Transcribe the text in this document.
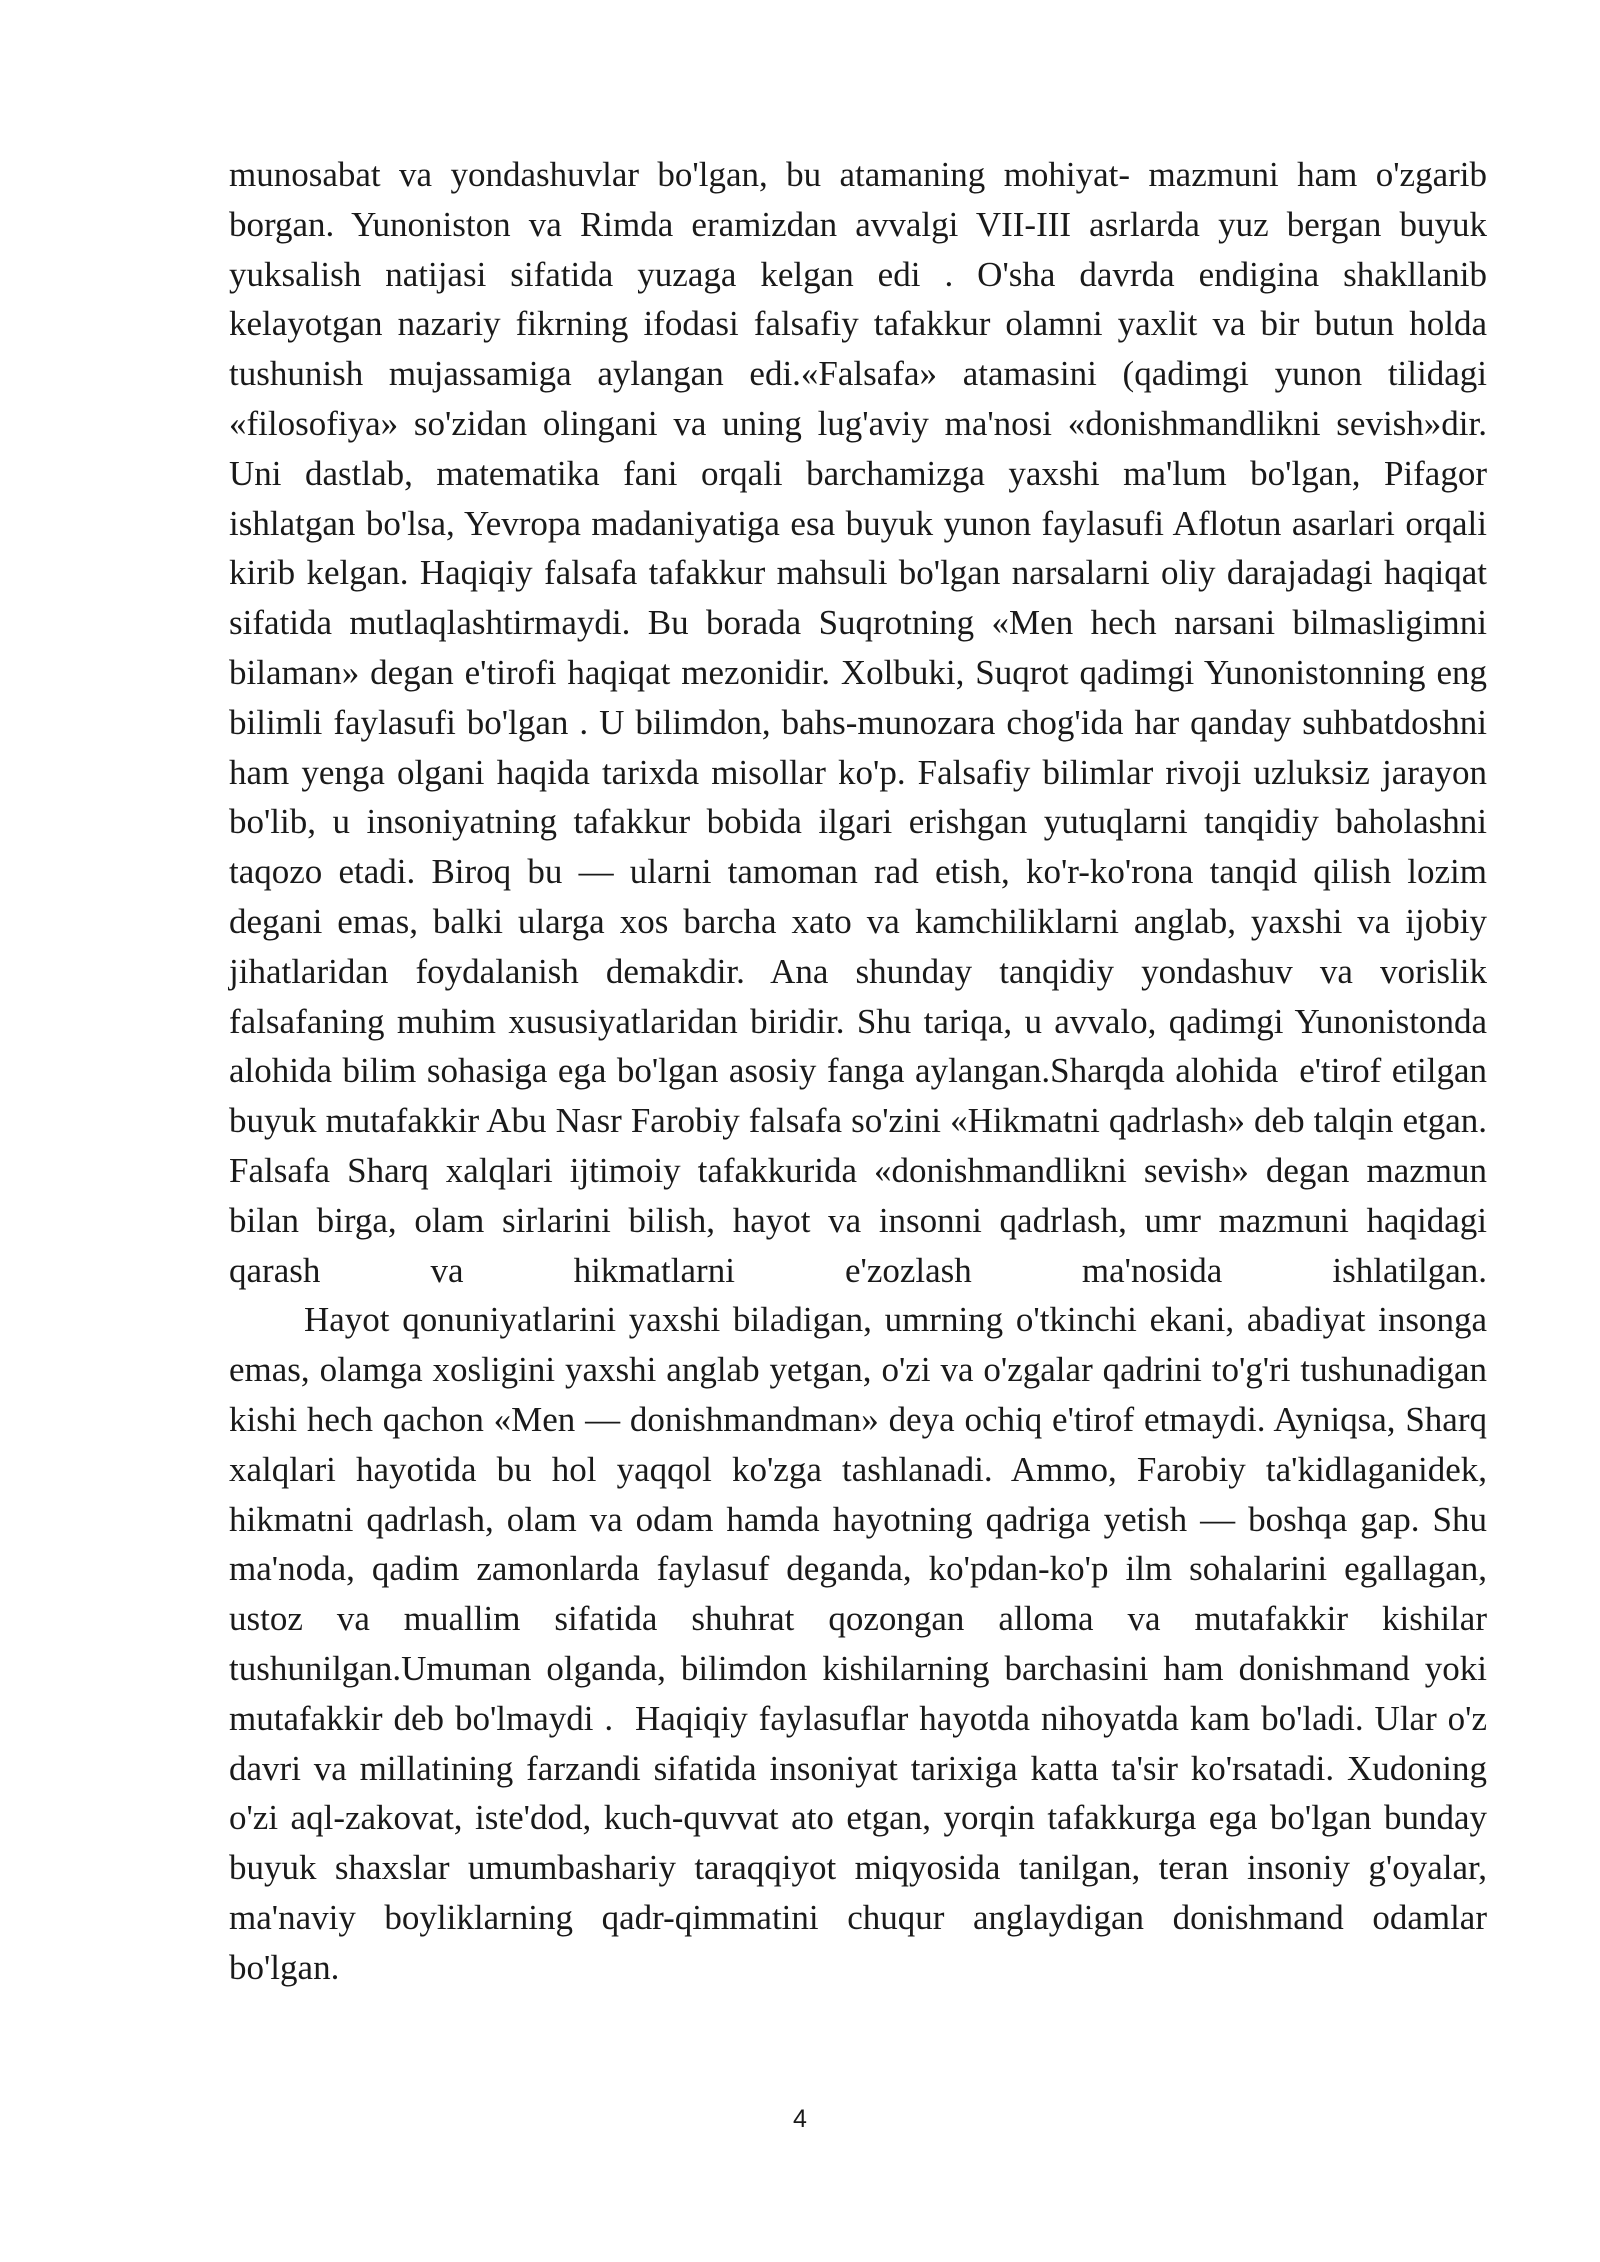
munosabat va yondashuvlar bo'lgan, bu atamaning mohiyat- mazmuni ham o'zgarib borgan. Yunoniston va Rimda eramizdan avvalgi VII-III asrlarda yuz bergan buyuk yuksalish natijasi sifatida yuzaga kelgan edi . O'sha davrda endigina shakllanib kelayotgan nazariy fikrning ifodasi falsafiy tafakkur olamni yaxlit va bir butun holda tushunish mujassamiga aylangan edi.«Falsafa» atamasini (qadimgi yunon tilidagi «filosofiya» so'zidan olingani va uning lug'aviy ma'nosi «donishmandlikni sevish»dir. Uni dastlab, matematika fani orqali barchamizga yaxshi ma'lum bo'lgan, Pifagor ishlatgan bo'lsa, Yevropa madaniyatiga esa buyuk yunon faylasufi Aflotun asarlari orqali kirib kelgan. Haqiqiy falsafa tafakkur mahsuli bo'lgan narsalarni oliy darajadagi haqiqat sifatida mutlaqlashtirmaydi. Bu borada Suqrotning «Men hech narsani bilmasligimni bilaman» degan e'tirofi haqiqat mezonidir. Xolbuki, Suqrot qadimgi Yunonistonning eng bilimli faylasufi bo'lgan . U bilimdon, bahs-munozara chog'ida har qanday suhbatdoshni ham yenga olgani haqida tarixda misollar ko'p. Falsafiy bilimlar rivoji uzluksiz jarayon bo'lib, u insoniyatning tafakkur bobida ilgari erishgan yutuqlarni tanqidiy baholashni taqozo etadi. Biroq bu — ularni tamoman rad etish, ko'r-ko'rona tanqid qilish lozim degani emas, balki ularga xos barcha xato va kamchiliklarni anglab, yaxshi va ijobiy jihatlaridan foydalanish demakdir. Ana shunday tanqidiy yondashuv va vorislik falsafaning muhim xususiyatlaridan biridir. Shu tariqa, u avvalo, qadimgi Yunonistonda alohida bilim sohasiga ega bo'lgan asosiy fanga aylangan.Sharqda alohida  e'tirof etilgan buyuk mutafakkir Abu Nasr Farobiy falsafa so'zini «Hikmatni qadrlash» deb talqin etgan. Falsafa Sharq xalqlari ijtimoiy tafakkurida «donishmandlikni sevish» degan mazmun bilan birga, olam sirlarini bilish, hayot va insonni qadrlash, umr mazmuni haqidagi qarash va hikmatlarni e'zozlash ma'nosida ishlatilgan.

Hayot qonuniyatlarini yaxshi biladigan, umrning o'tkinchi ekani, abadiyat insonga emas, olamga xosligini yaxshi anglab yetgan, o'zi va o'zgalar qadrini to'g'ri tushunadigan kishi hech qachon «Men — donishmandman» deya ochiq e'tirof etmaydi. Ayniqsa, Sharq xalqlari hayotida bu hol yaqqol ko'zga tashlanadi. Ammo, Farobiy ta'kidlaganidek, hikmatni qadrlash, olam va odam hamda hayotning qadriga yetish — boshqa gap. Shu ma'noda, qadim zamonlarda faylasuf deganda, ko'pdan-ko'p ilm sohalarini egallagan, ustoz va muallim sifatida shuhrat qozongan alloma va mutafakkir kishilar tushunilgan.Umuman olganda, bilimdon kishilarning barchasini ham donishmand yoki mutafakkir deb bo'lmaydi .  Haqiqiy faylasuflar hayotda nihoyatda kam bo'ladi. Ular o'z davri va millatining farzandi sifatida insoniyat tarixiga katta ta'sir ko'rsatadi. Xudoning o'zi aql-zakovat, iste'dod, kuch-quvvat ato etgan, yorqin tafakkurga ega bo'lgan bunday buyuk shaxslar umumbashariy taraqqiyot miqyosida tanilgan, teran insoniy g'oyalar, ma'naviy boyliklarning qadr-qimmatini chuqur anglaydigan donishmand odamlar bo'lgan.

4
